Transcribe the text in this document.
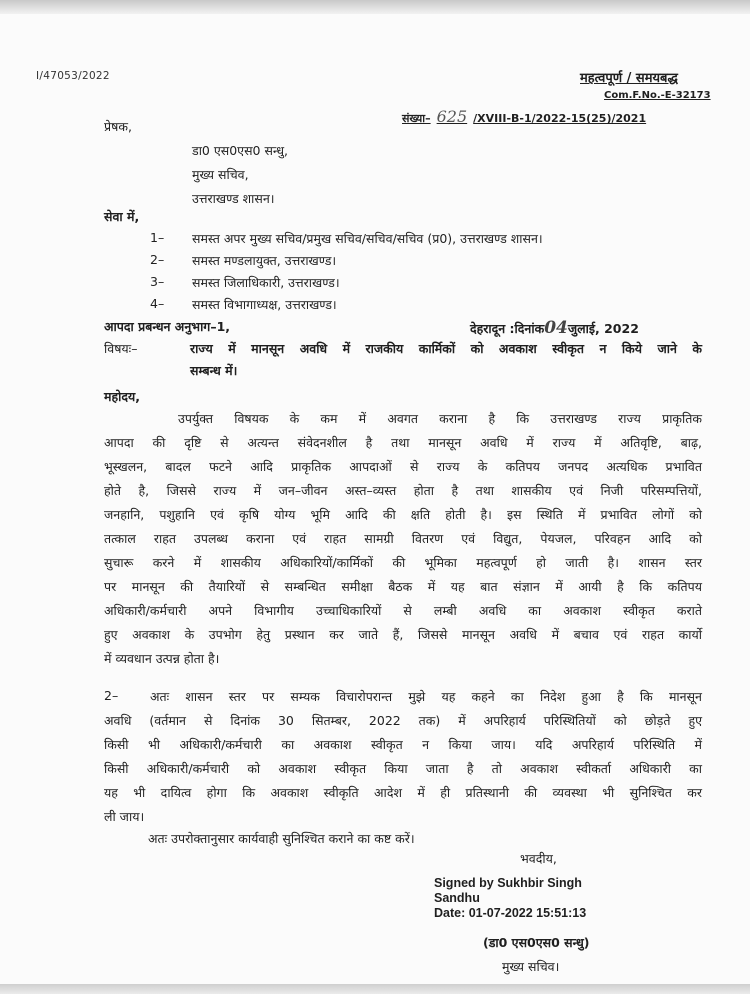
I/47053/2022	महत्वपूर्ण / समयबद्ध
Com.F.No.-E-32173
संख्या– 625 /XVIII-B-1/2022-15(25)/2021
प्रेषक,
डा0 एस0एस0 सन्धु,
मुख्य सचिव,
उत्तराखण्ड शासन।
सेवा में,
1– समस्त अपर मुख्य सचिव/प्रमुख सचिव/सचिव/सचिव (प्र0), उत्तराखण्ड शासन।
2– समस्त मण्डलायुक्त, उत्तराखण्ड।
3– समस्त जिलाधिकारी, उत्तराखण्ड।
4– समस्त विभागाध्यक्ष, उत्तराखण्ड।
आपदा प्रबन्धन अनुभाग–1,	देहरादून :दिनांक04जुलाई, 2022
विषयः–	राज्य में मानसून अवधि में राजकीय कार्मिकों को अवकाश स्वीकृत न किये जाने के
सम्बन्ध में।
महोदय,
उपर्युक्त विषयक के कम में अवगत कराना है कि उत्तराखण्ड राज्य प्राकृतिक
आपदा की दृष्टि से अत्यन्त संवेदनशील है तथा मानसून अवधि में राज्य में अतिवृष्टि, बाढ़,
भूस्खलन, बादल फटने आदि प्राकृतिक आपदाओं से राज्य के कतिपय जनपद अत्यधिक प्रभावित
होते है, जिससे राज्य में जन–जीवन अस्त–व्यस्त होता है तथा शासकीय एवं निजी परिसम्पत्तियों,
जनहानि, पशुहानि एवं कृषि योग्य भूमि आदि की क्षति होती है। इस स्थिति में प्रभावित लोगों को
तत्काल राहत उपलब्ध कराना एवं राहत सामग्री वितरण एवं विद्युत, पेयजल, परिवहन आदि को
सुचारू करने में शासकीय अधिकारियों/कार्मिकों की भूमिका महत्वपूर्ण हो जाती है। शासन स्तर
पर मानसून की तैयारियों से सम्बन्धित समीक्षा बैठक में यह बात संज्ञान में आयी है कि कतिपय
अधिकारी/कर्मचारी अपने विभागीय उच्चाधिकारियों से लम्बी अवधि का अवकाश स्वीकृत कराते
हुए अवकाश के उपभोग हेतु प्रस्थान कर जाते हैं, जिससे मानसून अवधि में बचाव एवं राहत कार्यो
में व्यवधान उत्पन्न होता है।
2–	अतः शासन स्तर पर सम्यक विचारोपरान्त मुझे यह कहने का निदेश हुआ है कि मानसून
अवधि (वर्तमान से दिनांक 30 सितम्बर, 2022 तक) में अपरिहार्य परिस्थितियों को छोड़ते हुए
किसी भी अधिकारी/कर्मचारी का अवकाश स्वीकृत न किया जाय। यदि अपरिहार्य परिस्थिति में
किसी अधिकारी/कर्मचारी को अवकाश स्वीकृत किया जाता है तो अवकाश स्वीकर्ता अधिकारी का
यह भी दायित्व होगा कि अवकाश स्वीकृति आदेश में ही प्रतिस्थानी की व्यवस्था भी सुनिश्चित कर
ली जाय।
अतः उपरोक्तानुसार कार्यवाही सुनिश्चित कराने का कष्ट करें।
भवदीय,
Signed by Sukhbir Singh
Sandhu
Date: 01-07-2022 15:51:13
(डा0 एस0एस0 सन्धु)
मुख्य सचिव।
